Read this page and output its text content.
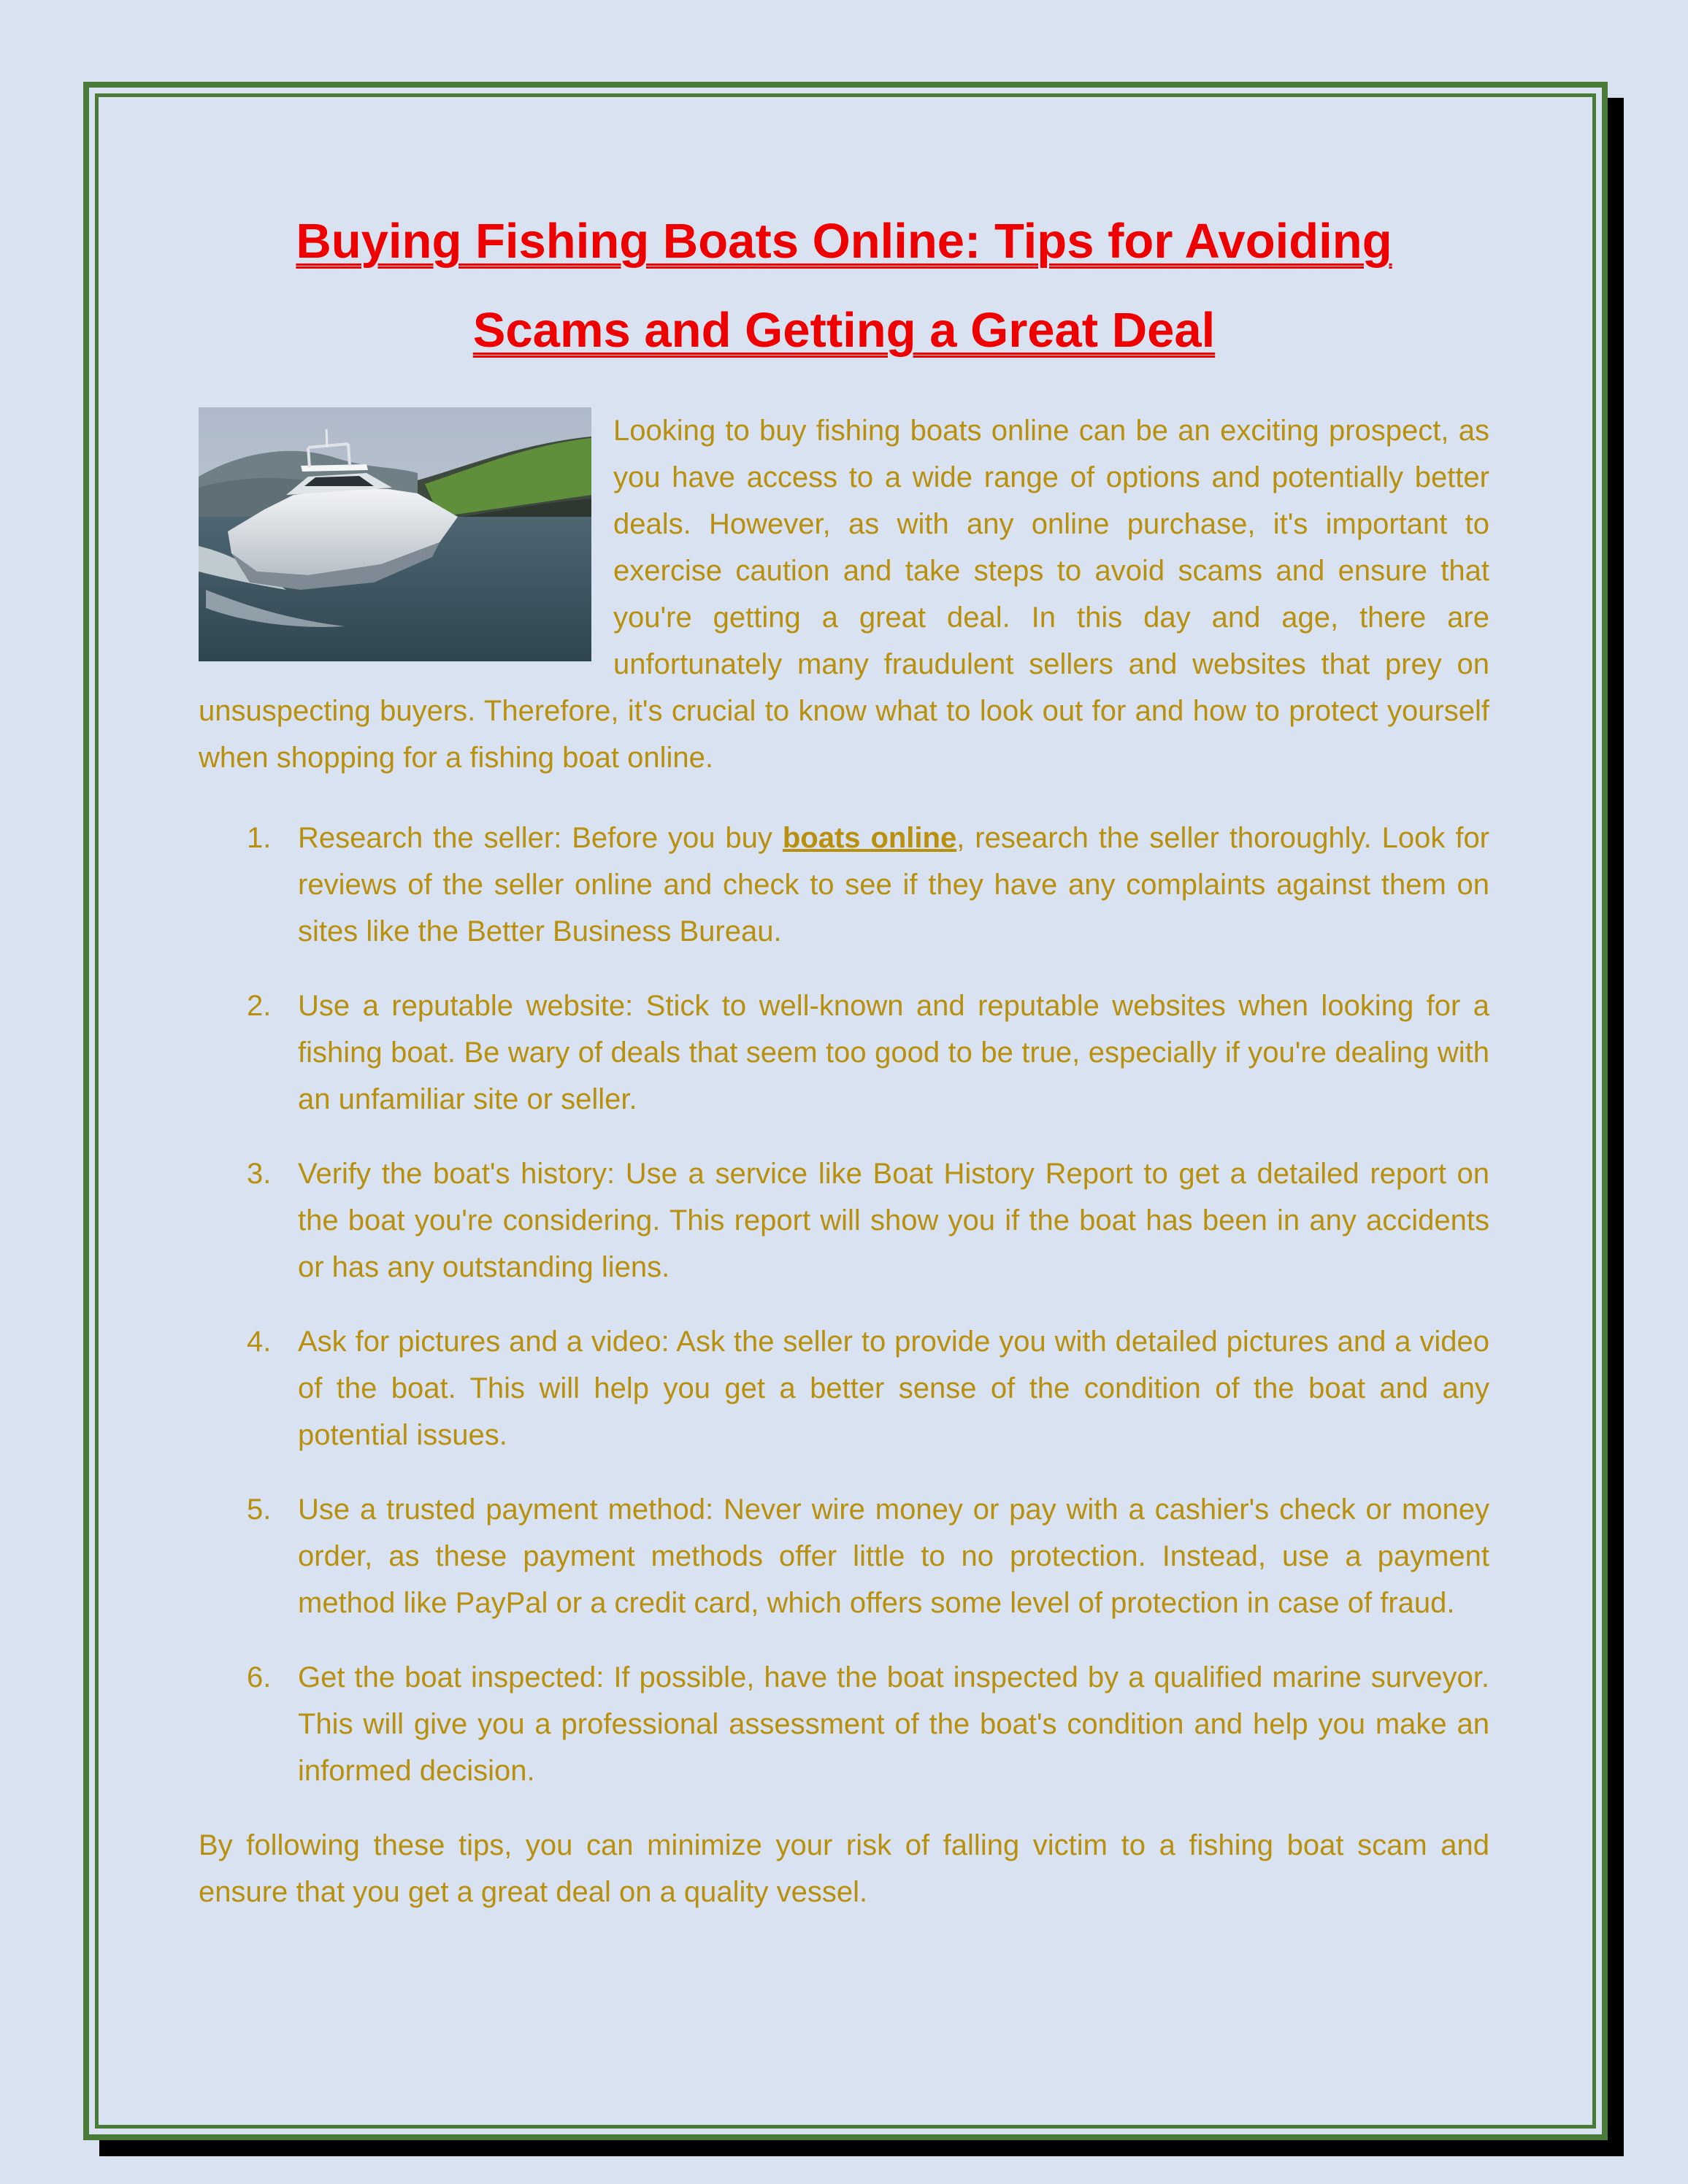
Buying Fishing Boats Online: Tips for Avoiding Scams and Getting a Great Deal

Looking to buy fishing boats online can be an exciting prospect, as you have access to a wide range of options and potentially better deals. However, as with any online purchase, it's important to exercise caution and take steps to avoid scams and ensure that you're getting a great deal. In this day and age, there are unfortunately many fraudulent sellers and websites that prey on unsuspecting buyers. Therefore, it's crucial to know what to look out for and how to protect yourself when shopping for a fishing boat online.

1. Research the seller: Before you buy boats online, research the seller thoroughly. Look for reviews of the seller online and check to see if they have any complaints against them on sites like the Better Business Bureau.
2. Use a reputable website: Stick to well-known and reputable websites when looking for a fishing boat. Be wary of deals that seem too good to be true, especially if you're dealing with an unfamiliar site or seller.
3. Verify the boat's history: Use a service like Boat History Report to get a detailed report on the boat you're considering. This report will show you if the boat has been in any accidents or has any outstanding liens.
4. Ask for pictures and a video: Ask the seller to provide you with detailed pictures and a video of the boat. This will help you get a better sense of the condition of the boat and any potential issues.
5. Use a trusted payment method: Never wire money or pay with a cashier's check or money order, as these payment methods offer little to no protection. Instead, use a payment method like PayPal or a credit card, which offers some level of protection in case of fraud.
6. Get the boat inspected: If possible, have the boat inspected by a qualified marine surveyor. This will give you a professional assessment of the boat's condition and help you make an informed decision.

By following these tips, you can minimize your risk of falling victim to a fishing boat scam and ensure that you get a great deal on a quality vessel.
